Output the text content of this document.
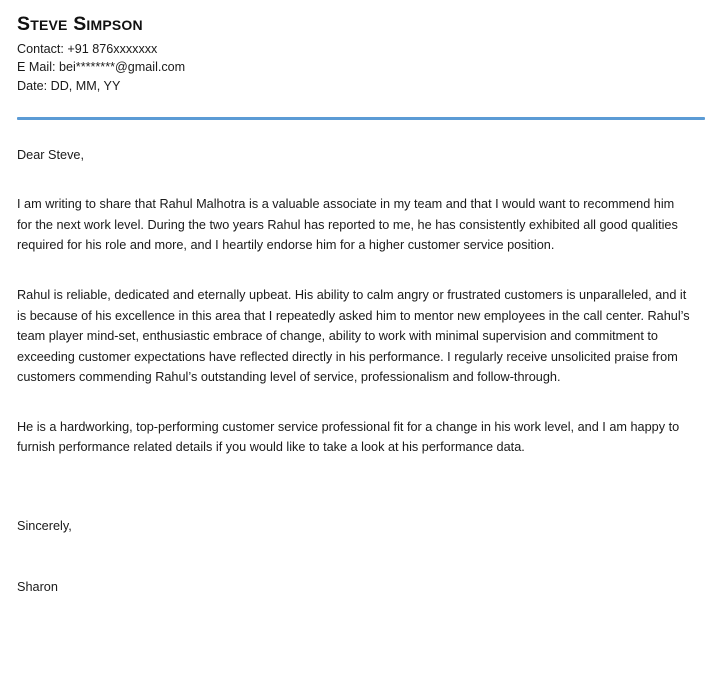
Steve Simpson
Contact: +91 876xxxxxxx
E Mail: bei********@gmail.com
Date: DD, MM, YY

Dear Steve,

I am writing to share that Rahul Malhotra is a valuable associate in my team and that I would want to recommend him for the next work level. During the two years Rahul has reported to me, he has consistently exhibited all good qualities required for his role and more, and I heartily endorse him for a higher customer service position.

Rahul is reliable, dedicated and eternally upbeat. His ability to calm angry or frustrated customers is unparalleled, and it is because of his excellence in this area that I repeatedly asked him to mentor new employees in the call center. Rahul’s team player mind-set, enthusiastic embrace of change, ability to work with minimal supervision and commitment to exceeding customer expectations have reflected directly in his performance. I regularly receive unsolicited praise from customers commending Rahul’s outstanding level of service, professionalism and follow-through.

He is a hardworking, top-performing customer service professional fit for a change in his work level, and I am happy to furnish performance related details if you would like to take a look at his performance data.

Sincerely,

Sharon
